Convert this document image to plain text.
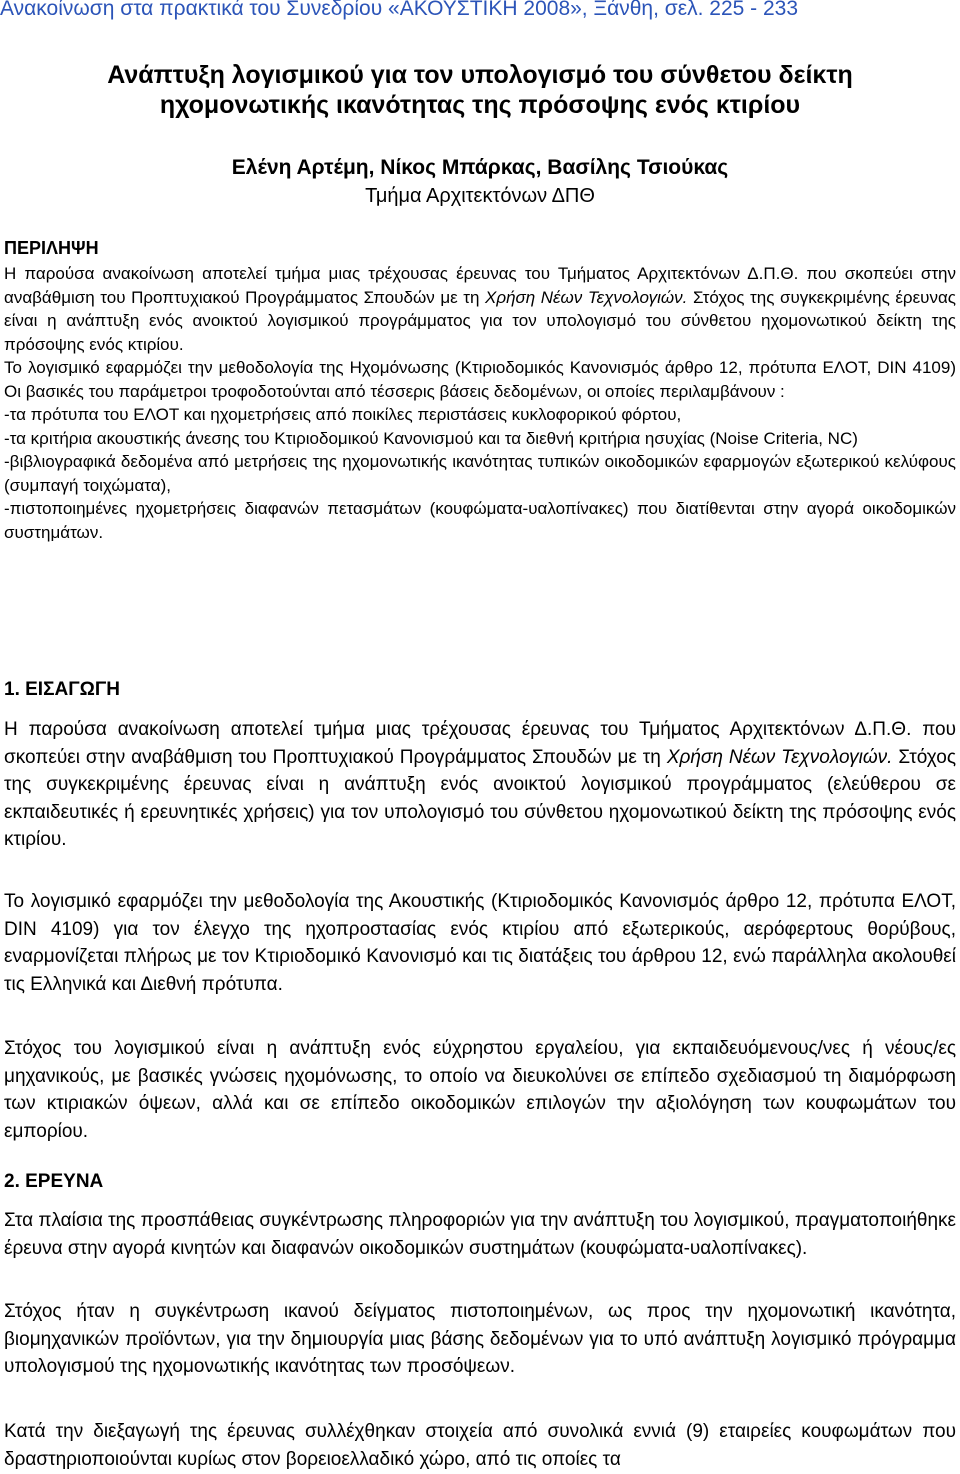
Ανακοίνωση στα πρακτικά του Συνεδρίου «ΑΚΟΥΣΤΙΚΗ 2008», Ξάνθη, σελ. 225 - 233
Ανάπτυξη λογισμικού για τον υπολογισμό του σύνθετου δείκτη
ηχομονωτικής ικανότητας της πρόσοψης ενός κτιρίου
Ελένη Αρτέμη, Νίκος Μπάρκας, Βασίλης Τσιούκας
Τμήμα Αρχιτεκτόνων ΔΠΘ
ΠΕΡΙΛΗΨΗ

Η παρούσα ανακοίνωση αποτελεί τμήμα μιας τρέχουσας έρευνας του Τμήματος Αρχιτεκτόνων Δ.Π.Θ. που σκοπεύει στην αναβάθμιση του Προπτυχιακού Προγράμματος Σπουδών με τη Χρήση Νέων Τεχνολογιών. Στόχος της συγκεκριμένης έρευνας είναι η ανάπτυξη ενός ανοικτού λογισμικού προγράμματος για τον υπολογισμό του σύνθετου ηχομονωτικού δείκτη της πρόσοψης ενός κτιρίου.

Το λογισμικό εφαρμόζει την μεθοδολογία της Ηχομόνωσης (Κτιριοδομικός Κανονισμός άρθρο 12, πρότυπα ΕΛΟΤ, DIN 4109) Οι βασικές του παράμετροι τροφοδοτούνται από τέσσερις βάσεις δεδομένων, οι οποίες περιλαμβάνουν :

-τα πρότυπα του ΕΛΟΤ και ηχομετρήσεις από ποικίλες περιστάσεις κυκλοφορικού φόρτου,

-τα κριτήρια ακουστικής άνεσης του Κτιριοδομικού Κανονισμού και τα διεθνή κριτήρια ησυχίας (Noise Criteria, NC)

-βιβλιογραφικά δεδομένα από μετρήσεις της ηχομονωτικής ικανότητας τυπικών οικοδομικών εφαρμογών εξωτερικού κελύφους (συμπαγή τοιχώματα),

-πιστοποιημένες ηχομετρήσεις διαφανών πετασμάτων (κουφώματα-υαλοπίνακες) που διατίθενται στην αγορά οικοδομικών συστημάτων.

1. ΕΙΣΑΓΩΓΗ

Η παρούσα ανακοίνωση αποτελεί τμήμα μιας τρέχουσας έρευνας του Τμήματος Αρχιτεκτόνων Δ.Π.Θ. που σκοπεύει στην αναβάθμιση του Προπτυχιακού Προγράμματος Σπουδών με τη Χρήση Νέων Τεχνολογιών. Στόχος της συγκεκριμένης έρευνας είναι η ανάπτυξη ενός ανοικτού λογισμικού προγράμματος (ελεύθερου σε εκπαιδευτικές ή ερευνητικές χρήσεις) για τον υπολογισμό του σύνθετου ηχομονωτικού δείκτη της πρόσοψης ενός κτιρίου.

Το λογισμικό εφαρμόζει την μεθοδολογία της Ακουστικής (Κτιριοδομικός Κανονισμός άρθρο 12, πρότυπα ΕΛΟΤ, DIN 4109) για τον έλεγχο της ηχοπροστασίας ενός κτιρίου από εξωτερικούς, αερόφερτους θορύβους, εναρμονίζεται πλήρως με τον Κτιριοδομικό Κανονισμό και τις διατάξεις του άρθρου 12, ενώ παράλληλα ακολουθεί τις Ελληνικά και Διεθνή πρότυπα.

Στόχος του λογισμικού είναι η ανάπτυξη ενός εύχρηστου εργαλείου, για εκπαιδευόμενους/νες ή νέους/ες μηχανικούς, με βασικές γνώσεις ηχομόνωσης, το οποίο να διευκολύνει σε επίπεδο σχεδιασμού τη διαμόρφωση των κτιριακών όψεων, αλλά και σε επίπεδο οικοδομικών επιλογών την αξιολόγηση των κουφωμάτων του εμπορίου.

2. ΕΡΕΥΝΑ

Στα πλαίσια της προσπάθειας συγκέντρωσης πληροφοριών για την ανάπτυξη του λογισμικού, πραγματοποιήθηκε έρευνα στην αγορά κινητών και διαφανών οικοδομικών συστημάτων (κουφώματα-υαλοπίνακες).

Στόχος ήταν η συγκέντρωση ικανού δείγματος πιστοποιημένων, ως προς την ηχομονωτική ικανότητα, βιομηχανικών προϊόντων, για την δημιουργία μιας βάσης δεδομένων για το υπό ανάπτυξη λογισμικό πρόγραμμα υπολογισμού της ηχομονωτικής ικανότητας των προσόψεων.

Κατά την διεξαγωγή της έρευνας συλλέχθηκαν στοιχεία από συνολικά εννιά (9) εταιρείες κουφωμάτων που δραστηριοποιούνται κυρίως στον βορειοελλαδικό χώρο, από τις οποίες τα
